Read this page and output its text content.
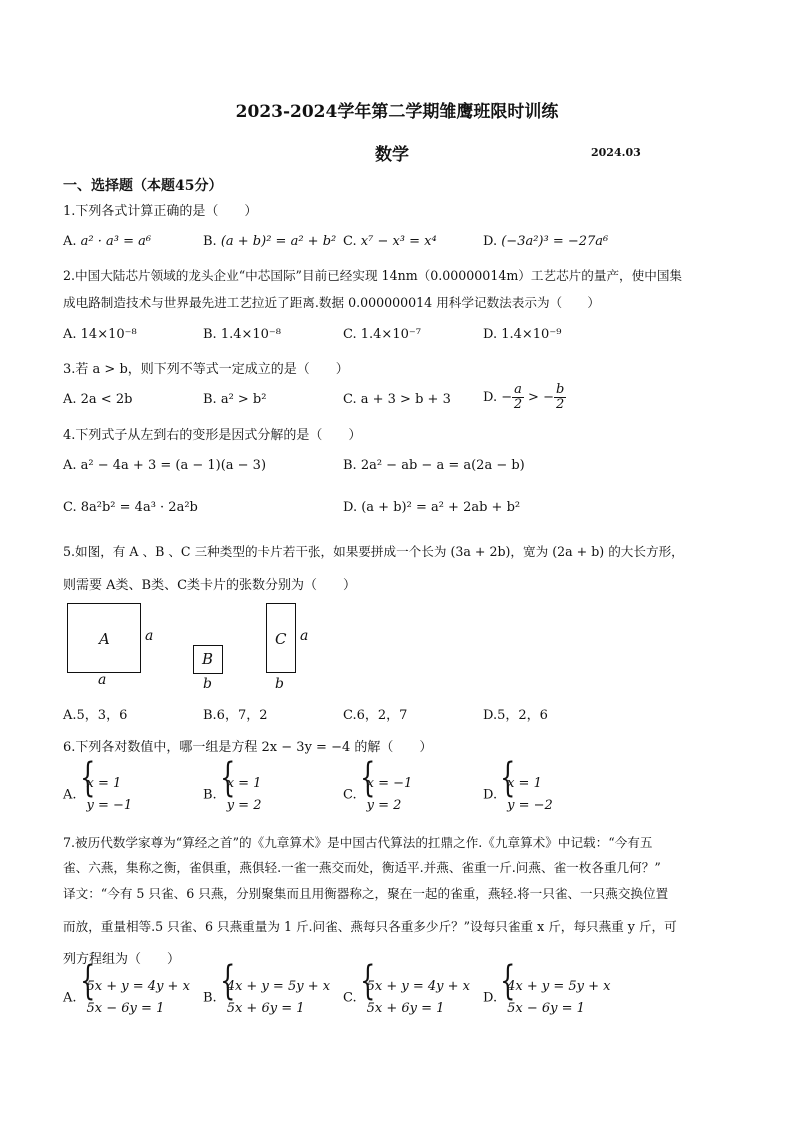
2023-2024学年第二学期雏鹰班限时训练
数学	2024.03
一、选择题（本题45分）
1.下列各式计算正确的是（　　）
A. a² · a³ = a⁶	B. (a + b)² = a² + b² C. x⁷ − x³ = x⁴	D. (−3a²)³ = −27a⁶
2.中国大陆芯片领域的龙头企业“中芯国际”目前已经实现 14nm（0.00000014m）工艺芯片的量产，使中国集
成电路制造技术与世界最先进工艺拉近了距离.数据 0.000000014 用科学记数法表示为（　　）
A. 14×10⁻⁸	B. 1.4×10⁻⁸	C. 1.4×10⁻⁷	D. 1.4×10⁻⁹
3.若 a > b，则下列不等式一定成立的是（　　）
A. 2a < 2b	B. a² > b²	C. a + 3 > b + 3 D. − $\frac{a}{2}$ > − $\frac{b}{2}$
4.下列式子从左到右的变形是因式分解的是（　　）
A. a² − 4a + 3 = (a − 1)(a − 3)	B. 2a² − ab − a = a(2a − b)
C. 8a²b² = 4a³ · 2a²b	D. (a + b)² = a² + 2ab + b²
5.如图，有 A 、B 、C 三种类型的卡片若干张，如果要拼成一个长为 (3a + 2b)，宽为 (2a + b) 的大长方形，
则需要 A类、B类、C类卡片的张数分别为（　　）
A	a
a
B
b
C a
b
A.5，3，6	B.6，7，2	C.6，2，7	D.5，2，6
6.下列各对数值中，哪一组是方程 2x − 3y = −4 的解（　　）
A.
{ x = 1
y = −1
B.
{ x = 1
y = 2
C.
{ x = −1
y = 2
D.
{ x = 1
y = −2
7.被历代数学家尊为“算经之首”的《九章算术》是中国古代算法的扛鼎之作.《九章算术》中记载：“今有五
雀、六燕，集称之衡，雀俱重，燕俱轻.一雀一燕交而处，衡适平.并燕、雀重一斤.问燕、雀一枚各重几何？”
译文：“今有 5 只雀、6 只燕，分别聚集而且用衡器称之，聚在一起的雀重，燕轻.将一只雀、一只燕交换位置
而放，重量相等.5 只雀、6 只燕重量为 1 斤.问雀、燕每只各重多少斤？”设每只雀重 x 斤，每只燕重 y 斤，可
列方程组为（　　）
A.
{ 5x + y = 4y + x
5x − 6y = 1
B.
{ 4x + y = 5y + x
5x + 6y = 1
C.
{ 5x + y = 4y + x
5x + 6y = 1
D.
{ 4x + y = 5y + x
5x − 6y = 1
